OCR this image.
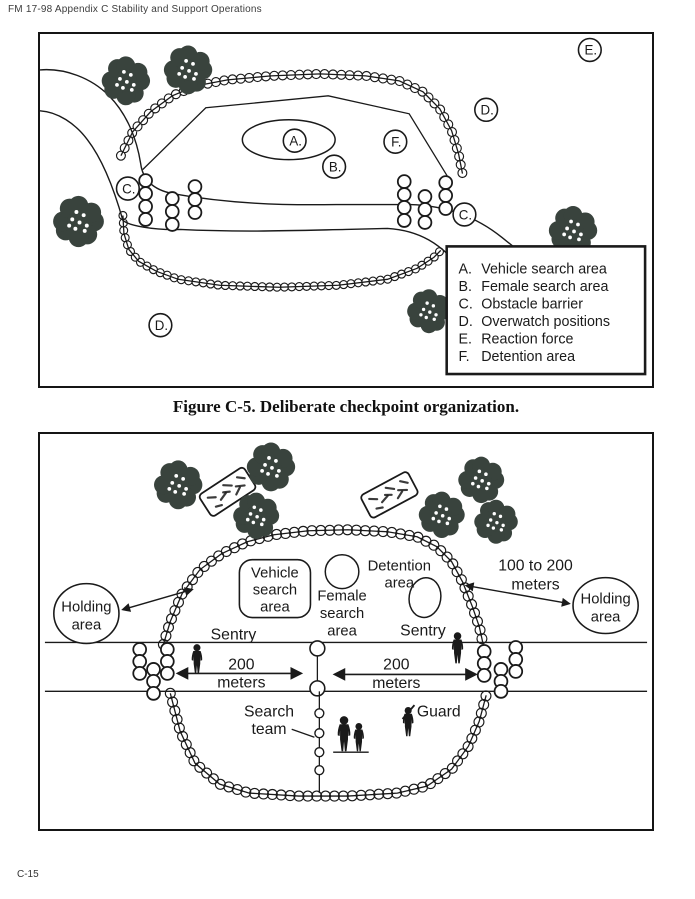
FM 17-98 Appendix C Stability and Support Operations
A. Vehicle search area
B. Female search area
C. Obstacle barrier
D. Overwatch positions
E. Reaction force
F. Detention area
A.
B.
C.
C.
D.
D.
E.
F.
Figure C-5. Deliberate checkpoint organization.
Holding
area
Holding
area
Vehicle
search
area
Female
search
area
Detention
area
100 to 200
meters
200
meters
200
meters
Sentry	Sentry
Search
team
Guard
C-15
